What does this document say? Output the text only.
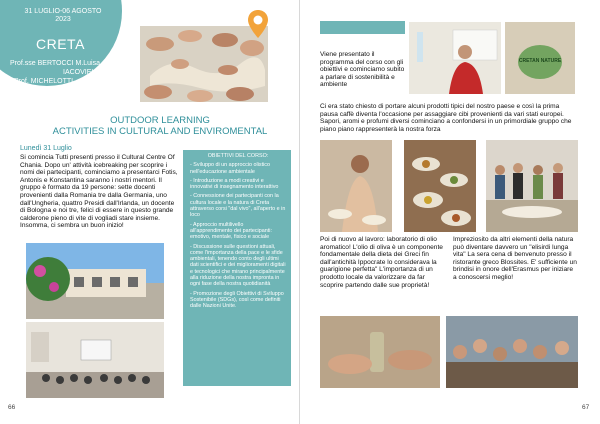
31 LUGLIO-06 AGOSTO 2023
CRETA
Prof.sse BERTOCCI M.Luisa
IACOVIELLO Rita
Prof. MICHELOTTI
Paolo
OUTDOOR LEARNING
ACTIVITIES IN CULTURAL AND ENVIROMENTAL
Lunedì 31 Luglio
Si comincia Tutti presenti presso il Cultural Centre Of Chania. Dopo un' attività icebreaking per scoprire i nomi dei partecipanti, cominciamo a presentarci Fotis, Antonis e Konstantina saranno i nostri mentori. Il gruppo è formato da 19 persone: sette docenti provenienti dalla Romania tre dalla Germania, uno dall'Ungheria, quattro Presidi dall'Irlanda, un docente di Bologna e noi tre, felici di essere in questo grande calderone pieno di vite di vogliadi stare insieme. Insomma, ci sembra un buon inizio!

OBIETTIVI DEL CORSO:

- Sviluppo di un approccio olistico nell'educazione ambientale

- Introduzione a modi creativi e innovativi di insegnamento interattivo

- Connessione dei partecipanti con la cultura locale e la natura di Creta attraverso corsi "dal vivo", all'aperto e in loco

- Approccio multilivello all'apprendimento dei partecipanti: emotivo, mentale, fisico e sociale

- Discussione sulle questioni attuali, come l'importanza della pace e le sfide ambientali, tenendo conto degli ultimi dati scientifici e dei miglioramenti digitali e tecnologici che mirano principalmente alla riduzione della nostra impronta in ogni fase della nostra quotidianità

- Promozione degli Obiettivi di Sviluppo Sostenibile (SDGs), così come definiti dalle Nazioni Unite.

66
Viene presentato il programma del corso con gli obiettivi e cominciamo subito a parlare di sostenibilità e ambiente
CRETAN NATURE
Ci era stato chiesto di portare alcuni prodotti tipici del nostro paese e così la prima pausa caffè diventa l'occasione per assaggiare cibi provenienti da vari stati europei. Sapori, aromi e profumi diversi cominciano a confondersi in un primordiale gruppo che piano piano rappresenterà la nostra forza
Poi di nuovo al lavoro: laboratorio di olio aromatico! L'olio di oliva è un componente fondamentale della dieta dei Greci fin dall'antichità Ippocrate lo considerava la guarigione perfetta" L'importanza di un prodotto locale da valorizzare da far scoprire partendo dalle sue proprietà!
Impreziosito da altri elementi della natura può diventare davvero un "elisirdi lunga vita" La sera cena di benvenuto presso il ristorante greco Blossites. E' sufficiente un brindisi in onore dell'Erasmus per iniziare a conoscersi meglio!
67
